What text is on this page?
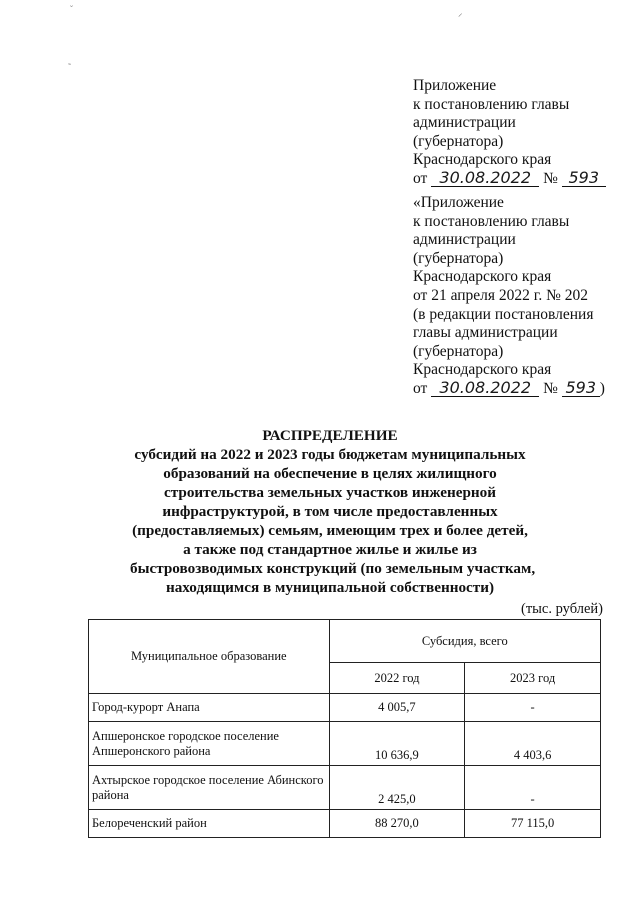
˘	⸝
˜
Приложение
к постановлению главы
администрации
(губернатора)
Краснодарского края
от 30.08.2022 № 593
«Приложение
к постановлению главы
администрации
(губернатора)
Краснодарского края
от 21 апреля 2022 г. № 202
(в редакции постановления
главы администрации
(губернатора)
Краснодарского края
от 30.08.2022 № 593 )
РАСПРЕДЕЛЕНИЕ
субсидий на 2022 и 2023 годы бюджетам муниципальных
образований на обеспечение в целях жилищного
строительства земельных участков инженерной
инфраструктурой, в том числе предоставленных
(предоставляемых) семьям, имеющим трех и более детей,
а также под стандартное жилье и жилье из
быстровозводимых конструкций (по земельным участкам,
находящимся в муниципальной собственности)
(тыс. рублей)
Муниципальное образование	Субсидия, всего	
	2022 год	2023 год
Город-курорт Анапа	4 005,7	-
Апшеронское городское поселение Апшеронского района	10 636,9	4 403,6
Ахтырское городское поселение Абинского района	2 425,0	-
Белореченский район	88 270,0	77 115,0
